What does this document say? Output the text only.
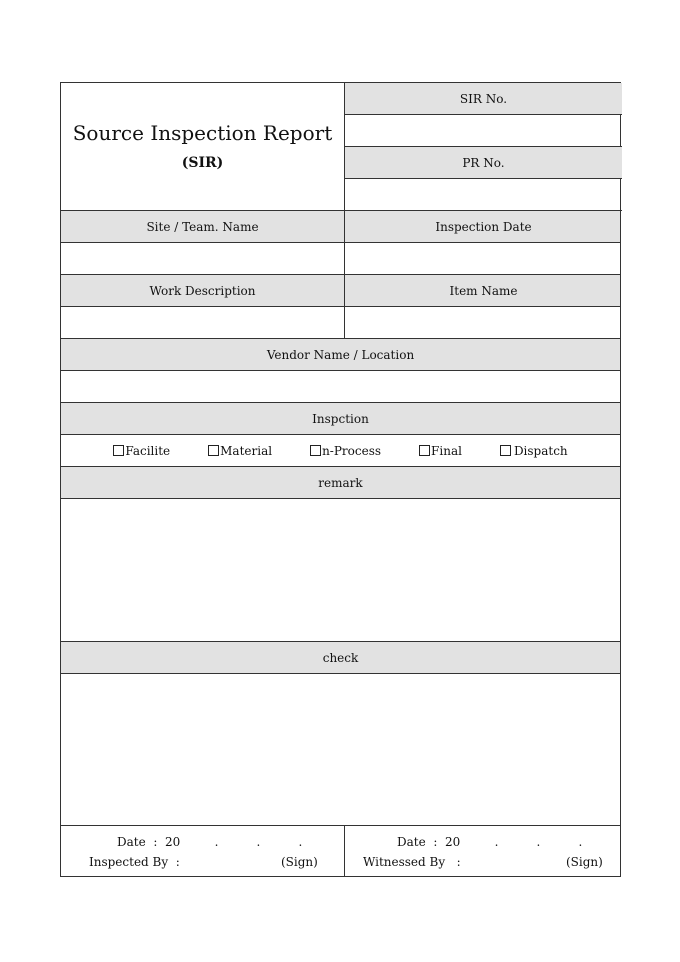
Source Inspection Report
(SIR)
SIR No.
PR No.
Site / Team. Name	Inspection Date
Work Description	Item Name
Vendor Name / Location
Inspction
Facilite	Material	n-Process	Final	Dispatch
remark
check
Date  :  20         .          .          .
Inspected By  :	(Sign)
Date  :  20         .          .          .
Witnessed By   :	(Sign)
